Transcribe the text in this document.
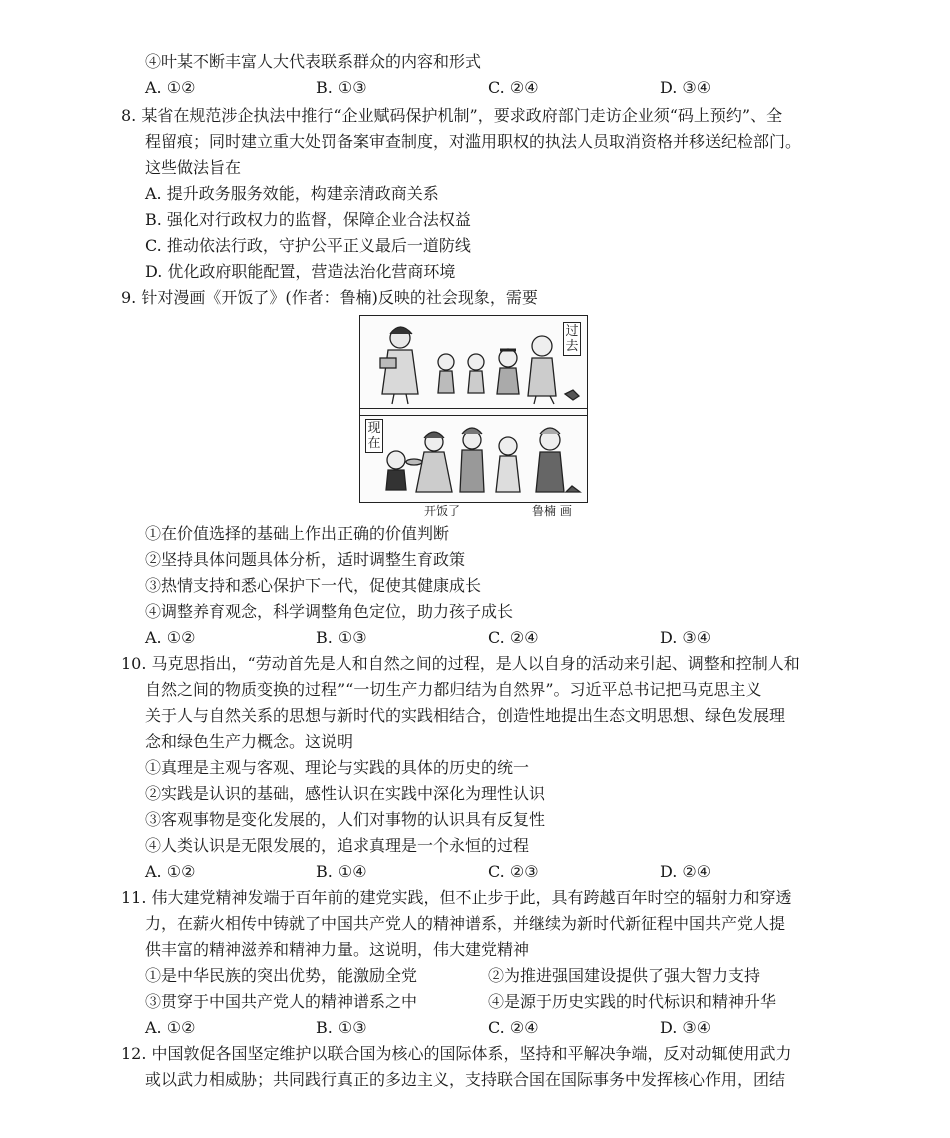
④叶某不断丰富人大代表联系群众的内容和形式
A. ①②	B. ①③	C. ②④	D. ③④
8. 某省在规范涉企执法中推行“企业赋码保护机制”，要求政府部门走访企业须“码上预约”、全
程留痕；同时建立重大处罚备案审查制度，对滥用职权的执法人员取消资格并移送纪检部门。
这些做法旨在
A. 提升政务服务效能，构建亲清政商关系
B. 强化对行政权力的监督，保障企业合法权益
C. 推动依法行政，守护公平正义最后一道防线
D. 优化政府职能配置，营造法治化营商环境
9. 针对漫画《开饭了》(作者：鲁楠)反映的社会现象，需要
过
去
现
在
开饭了	鲁楠 画
①在价值选择的基础上作出正确的价值判断
②坚持具体问题具体分析，适时调整生育政策
③热情支持和悉心保护下一代，促使其健康成长
④调整养育观念，科学调整角色定位，助力孩子成长
A. ①②	B. ①③	C. ②④	D. ③④
10. 马克思指出，“劳动首先是人和自然之间的过程，是人以自身的活动来引起、调整和控制人和
自然之间的物质变换的过程”“一切生产力都归结为自然界”。习近平总书记把马克思主义
关于人与自然关系的思想与新时代的实践相结合，创造性地提出生态文明思想、绿色发展理
念和绿色生产力概念。这说明
①真理是主观与客观、理论与实践的具体的历史的统一
②实践是认识的基础，感性认识在实践中深化为理性认识
③客观事物是变化发展的，人们对事物的认识具有反复性
④人类认识是无限发展的，追求真理是一个永恒的过程
A. ①②	B. ①④	C. ②③	D. ②④
11. 伟大建党精神发端于百年前的建党实践，但不止步于此，具有跨越百年时空的辐射力和穿透
力，在薪火相传中铸就了中国共产党人的精神谱系，并继续为新时代新征程中国共产党人提
供丰富的精神滋养和精神力量。这说明，伟大建党精神
①是中华民族的突出优势，能激励全党	②为推进强国建设提供了强大智力支持
③贯穿于中国共产党人的精神谱系之中	④是源于历史实践的时代标识和精神升华
A. ①②	B. ①③	C. ②④	D. ③④
12. 中国敦促各国坚定维护以联合国为核心的国际体系，坚持和平解决争端，反对动辄使用武力
或以武力相威胁；共同践行真正的多边主义，支持联合国在国际事务中发挥核心作用，团结
